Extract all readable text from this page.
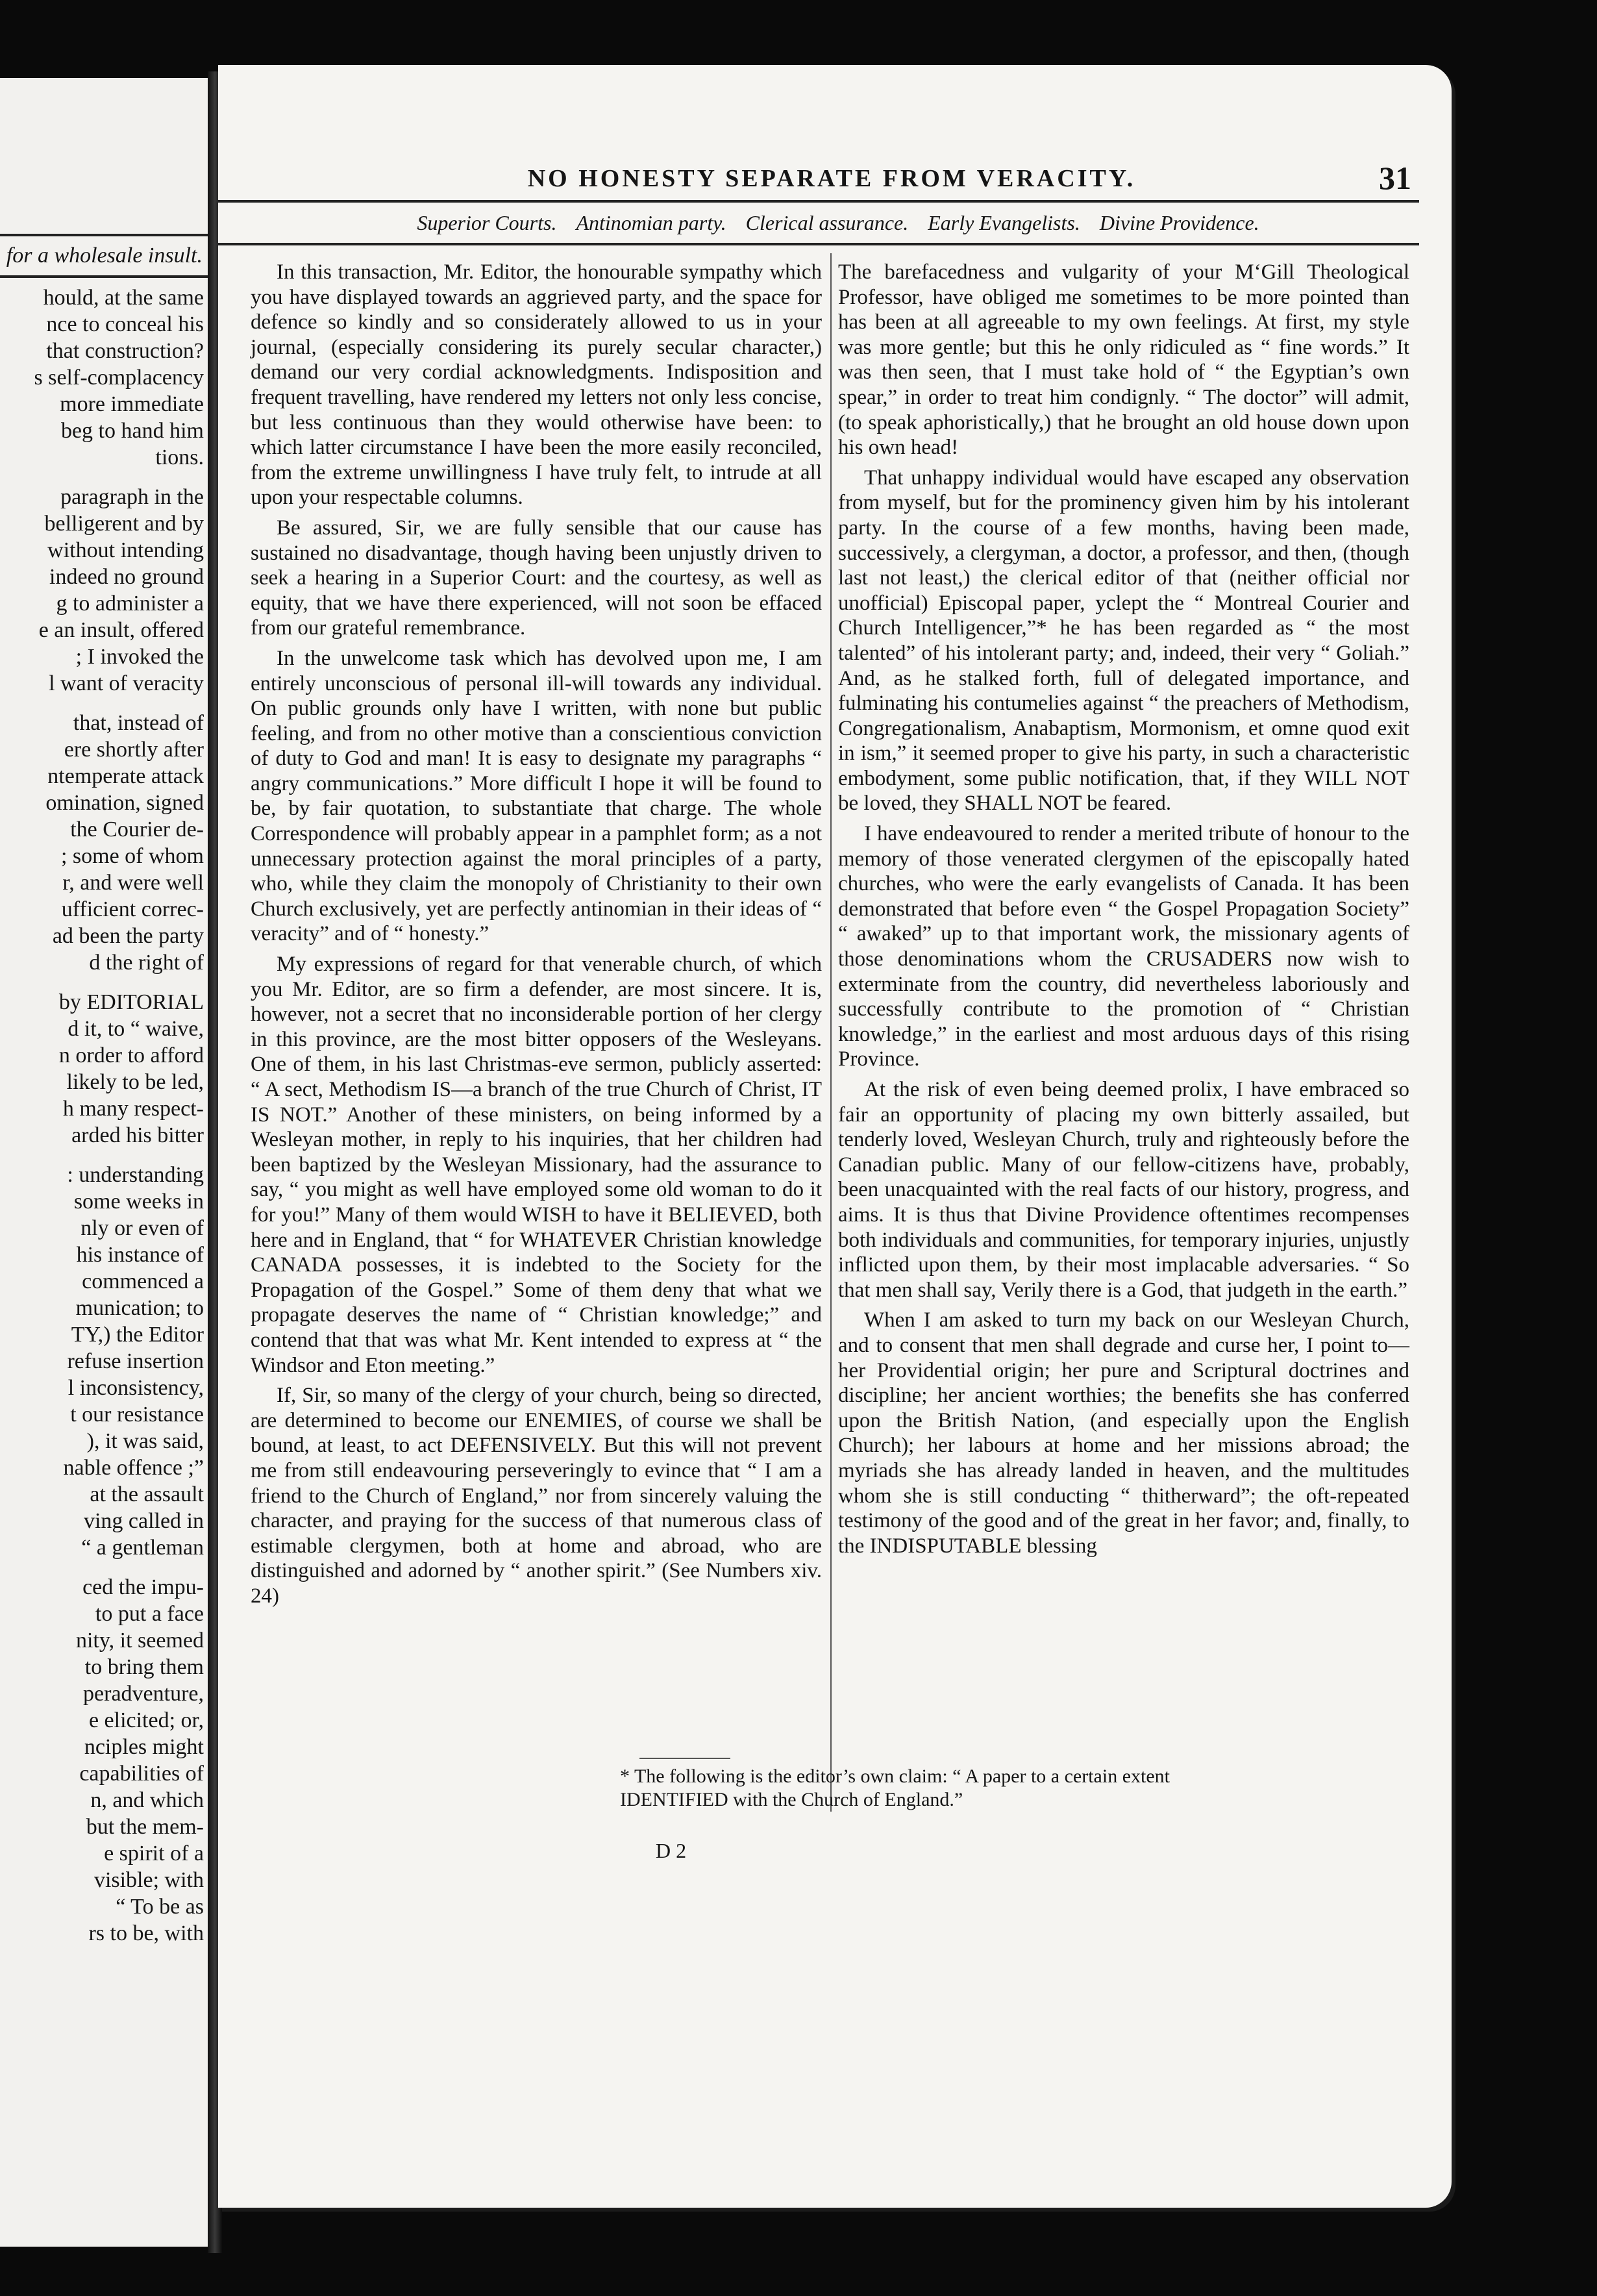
for a wholesale insult.
hould, at the same
nce to conceal his
that construction?
s self-complacency
more immediate
beg to hand him
tions.
paragraph in the
belligerent and by
without intending
indeed no ground
g to administer a
e an insult, offered
; I invoked the
l want of veracity
that, instead of
ere shortly after
ntemperate attack
omination, signed
the Courier de-
; some of whom
r, and were well
ufficient correc-
ad been the party
d the right of
by EDITORIAL
d it, to “ waive,
n order to afford
likely to be led,
h many respect-
arded his bitter
: understanding
some weeks in
nly or even of
his instance of
commenced a
munication; to
TY,) the Editor
refuse insertion
l inconsistency,
t our resistance
), it was said,
nable offence ;”
at the assault
ving called in
“ a gentleman
ced the impu-
to put a face
nity, it seemed
to bring them
peradventure,
e elicited; or,
nciples might
capabilities of
n, and which
but the mem-
e spirit of a
visible; with
“ To be as
rs to be, with
NO HONESTY SEPARATE FROM VERACITY.	31
Superior Courts. Antinomian party. Clerical assurance. Early Evangelists. Divine Providence.

In this transaction, Mr. Editor, the honourable sympathy which you have displayed towards an aggrieved party, and the space for defence so kindly and so considerately allowed to us in your journal, (especially considering its purely secular character,) demand our very cordial acknowledgments. Indisposition and frequent travelling, have rendered my letters not only less concise, but less continuous than they would otherwise have been: to which latter circumstance I have been the more easily reconciled, from the extreme unwillingness I have truly felt, to intrude at all upon your respectable columns.

Be assured, Sir, we are fully sensible that our cause has sustained no disadvantage, though having been unjustly driven to seek a hearing in a Superior Court: and the courtesy, as well as equity, that we have there experienced, will not soon be effaced from our grateful remembrance.

In the unwelcome task which has devolved upon me, I am entirely unconscious of personal ill-will towards any individual. On public grounds only have I written, with none but public feeling, and from no other motive than a conscientious conviction of duty to God and man! It is easy to designate my paragraphs “ angry communications.” More difficult I hope it will be found to be, by fair quotation, to substantiate that charge. The whole Correspondence will probably appear in a pamphlet form; as a not unnecessary protection against the moral principles of a party, who, while they claim the monopoly of Christianity to their own Church exclusively, yet are perfectly antinomian in their ideas of “ veracity” and of “ honesty.”

My expressions of regard for that venerable church, of which you Mr. Editor, are so firm a defender, are most sincere. It is, however, not a secret that no inconsiderable portion of her clergy in this province, are the most bitter opposers of the Wesleyans. One of them, in his last Christmas-eve sermon, publicly asserted: “ A sect, Methodism IS—a branch of the true Church of Christ, IT IS NOT.” Another of these ministers, on being informed by a Wesleyan mother, in reply to his inquiries, that her children had been baptized by the Wesleyan Missionary, had the assurance to say, “ you might as well have employed some old woman to do it for you!” Many of them would WISH to have it BELIEVED, both here and in England, that “ for WHATEVER Christian knowledge CANADA possesses, it is indebted to the Society for the Propagation of the Gospel.” Some of them deny that what we propagate deserves the name of “ Christian knowledge;” and contend that that was what Mr. Kent intended to express at “ the Windsor and Eton meeting.”

If, Sir, so many of the clergy of your church, being so directed, are determined to become our ENEMIES, of course we shall be bound, at least, to act DEFENSIVELY. But this will not prevent me from still endeavouring perseveringly to evince that “ I am a friend to the Church of England,” nor from sincerely valuing the character, and praying for the success of that numerous class of estimable clergymen, both at home and abroad, who are distinguished and adorned by “ another spirit.” (See Numbers xiv. 24)

The barefacedness and vulgarity of your M‘Gill Theological Professor, have obliged me sometimes to be more pointed than has been at all agreeable to my own feelings. At first, my style was more gentle; but this he only ridiculed as “ fine words.” It was then seen, that I must take hold of “ the Egyptian’s own spear,” in order to treat him condignly. “ The doctor” will admit, (to speak aphoristically,) that he brought an old house down upon his own head!

That unhappy individual would have escaped any observation from myself, but for the prominency given him by his intolerant party. In the course of a few months, having been made, successively, a clergyman, a doctor, a professor, and then, (though last not least,) the clerical editor of that (neither official nor unofficial) Episcopal paper, yclept the “ Montreal Courier and Church Intelligencer,”* he has been regarded as “ the most talented” of his intolerant party; and, indeed, their very “ Goliah.” And, as he stalked forth, full of delegated importance, and fulminating his contumelies against “ the preachers of Methodism, Congregationalism, Anabaptism, Mormonism, et omne quod exit in ism,” it seemed proper to give his party, in such a characteristic embodyment, some public notification, that, if they WILL NOT be loved, they SHALL NOT be feared.

I have endeavoured to render a merited tribute of honour to the memory of those venerated clergymen of the episcopally hated churches, who were the early evangelists of Canada. It has been demonstrated that before even “ the Gospel Propagation Society” “ awaked” up to that important work, the missionary agents of those denominations whom the CRUSADERS now wish to exterminate from the country, did nevertheless laboriously and successfully contribute to the promotion of “ Christian knowledge,” in the earliest and most arduous days of this rising Province.

At the risk of even being deemed prolix, I have embraced so fair an opportunity of placing my own bitterly assailed, but tenderly loved, Wesleyan Church, truly and righteously before the Canadian public. Many of our fellow-citizens have, probably, been unacquainted with the real facts of our history, progress, and aims. It is thus that Divine Providence oftentimes recompenses both individuals and communities, for temporary injuries, unjustly inflicted upon them, by their most implacable adversaries. “ So that men shall say, Verily there is a God, that judgeth in the earth.”

When I am asked to turn my back on our Wesleyan Church, and to consent that men shall degrade and curse her, I point to—her Providential origin; her pure and Scriptural doctrines and discipline; her ancient worthies; the benefits she has conferred upon the British Nation, (and especially upon the English Church); her labours at home and her missions abroad; the myriads she has already landed in heaven, and the multitudes whom she is still conducting “ thitherward”; the oft-repeated testimony of the good and of the great in her favor; and, finally, to the INDISPUTABLE blessing

* The following is the editor’s own claim: “ A paper to a certain extent IDENTIFIED with the Church of England.”
D 2
